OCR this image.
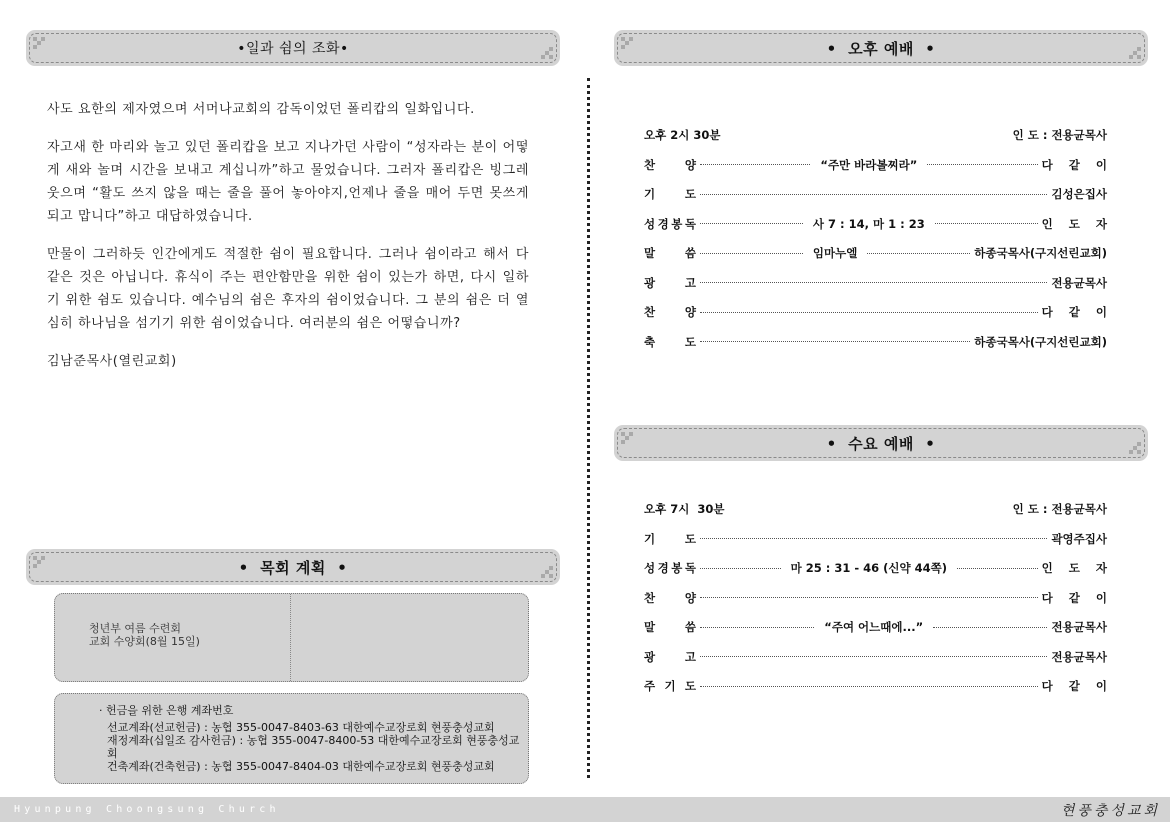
•일과 쉼의 조화•

사도 요한의 제자였으며 서머나교회의 감독이었던 폴리캅의 일화입니다.

자고새 한 마리와 놀고 있던 폴리캅을 보고 지나가던 사람이 “성자라는 분이 어떻게 새와 놀며 시간을 보내고 계십니까”하고 물었습니다. 그러자 폴리캅은 빙그레 웃으며 “활도 쓰지 않을 때는 줄을 풀어 놓아야지,언제나 줄을 매어 두면 못쓰게 되고 맙니다”하고 대답하였습니다.

만물이 그러하듯 인간에게도 적절한 쉼이 필요합니다. 그러나 쉼이라고 해서 다 같은 것은 아닙니다. 휴식이 주는 편안함만을 위한 쉼이 있는가 하면, 다시 일하기 위한 쉼도 있습니다. 예수님의 쉼은 후자의 쉼이었습니다. 그 분의 쉼은 더 열심히 하나님을 섬기기 위한 쉼이었습니다. 여러분의 쉼은 어떻습니까?

김남준목사(열린교회)

•  목회 계획  •
청년부 여름 수련회
교회 수양회(8월 15일)
· 헌금을 위한 은행 계좌번호
선교계좌(선교헌금) : 농협 355-0047-8403-63 대한예수교장로회 현풍충성교회
재정계좌(십일조 감사헌금) : 농협 355-0047-8400-53 대한예수교장로회 현풍충성교회
건축계좌(건축헌금) : 농협 355-0047-8404-03 대한예수교장로회 현풍충성교회
•  오후 예배  •
오후 2시 30분	인 도 : 전용균목사
찬	양	“주만 바라볼찌라”	다 같 이
기	도	김성은집사
성 경 봉 독	사 7 : 14, 마 1 : 23	인 도 자
말	씀	임마누엘	하종국목사(구지선린교회)
광	고	전용균목사
찬	양	다 같 이
축	도	하종국목사(구지선린교회)
•  수요 예배  •
오후 7시  30분	인 도 : 전용균목사
기	도	곽영주집사
성 경 봉 독	마 25 : 31 - 46 (신약 44쪽)	인 도 자
찬	양	다 같 이
말	씀	“주여 어느때에...”	전용균목사
광	고	전용균목사
주 기 도	다 같 이
Hyunpung Choongsung Church	현풍충성교회
